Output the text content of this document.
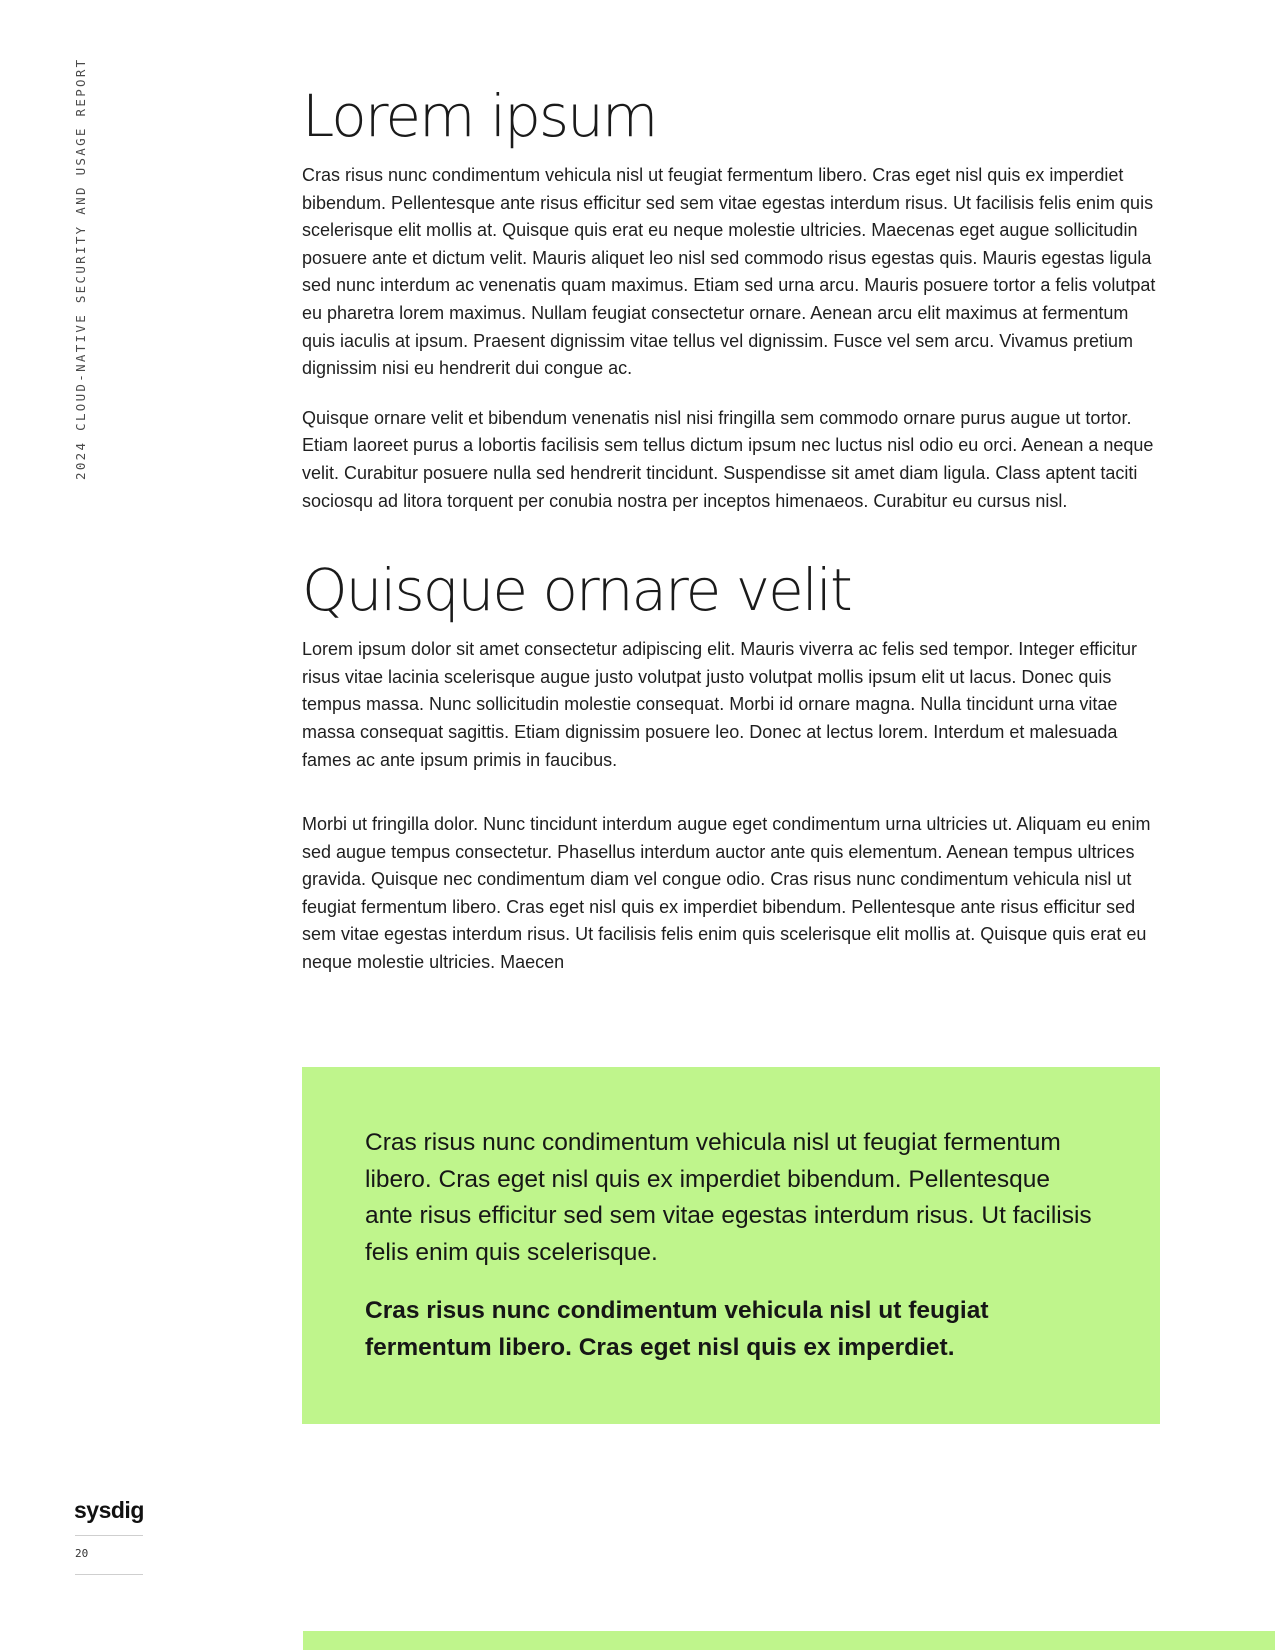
2024 CLOUD-NATIVE SECURITY AND USAGE REPORT	Lorem ipsum

Cras risus nunc condimentum vehicula nisl ut feugiat fermentum libero. Cras eget nisl quis ex imperdiet bibendum. Pellentesque ante risus efficitur sed sem vitae egestas interdum risus. Ut facilisis felis enim quis scelerisque elit mollis at. Quisque quis erat eu neque molestie ultricies. Maecenas eget augue sollicitudin posuere ante et dictum velit. Mauris aliquet leo nisl sed commodo risus egestas quis. Mauris egestas ligula sed nunc interdum ac venenatis quam maximus. Etiam sed urna arcu. Mauris posuere tortor a felis volutpat eu pharetra lorem maximus. Nullam feugiat consectetur ornare. Aenean arcu elit maximus at fermentum quis iaculis at ipsum. Praesent dignissim vitae tellus vel dignissim. Fusce vel sem arcu. Vivamus pretium dignissim nisi eu hendrerit dui congue ac.

Quisque ornare velit et bibendum venenatis nisl nisi fringilla sem commodo ornare purus augue ut tortor. Etiam laoreet purus a lobortis facilisis sem tellus dictum ipsum nec luctus nisl odio eu orci. Aenean a neque velit. Curabitur posuere nulla sed hendrerit tincidunt. Suspendisse sit amet diam ligula. Class aptent taciti sociosqu ad litora torquent per conubia nostra per inceptos himenaeos. Curabitur eu cursus nisl.

Quisque ornare velit

Lorem ipsum dolor sit amet consectetur adipiscing elit. Mauris viverra ac felis sed tempor. Integer efficitur risus vitae lacinia scelerisque augue justo volutpat justo volutpat mollis ipsum elit ut lacus. Donec quis tempus massa. Nunc sollicitudin molestie consequat. Morbi id ornare magna. Nulla tincidunt urna vitae massa consequat sagittis. Etiam dignissim posuere leo. Donec at lectus lorem. Interdum et malesuada fames ac ante ipsum primis in faucibus.

Morbi ut fringilla dolor. Nunc tincidunt interdum augue eget condimentum urna ultricies ut. Aliquam eu enim sed augue tempus consectetur. Phasellus interdum auctor ante quis elementum. Aenean tempus ultrices gravida. Quisque nec condimentum diam vel congue odio. Cras risus nunc condimentum vehicula nisl ut feugiat fermentum libero. Cras eget nisl quis ex imperdiet bibendum. Pellentesque ante risus efficitur sed sem vitae egestas interdum risus. Ut facilisis felis enim quis scelerisque elit mollis at. Quisque quis erat eu neque molestie ultricies. Maecen

Cras risus nunc condimentum vehicula nisl ut feugiat fermentum libero. Cras eget nisl quis ex imperdiet bibendum. Pellentesque ante risus efficitur sed sem vitae egestas interdum risus. Ut facilisis felis enim quis scelerisque.

Cras risus nunc condimentum vehicula nisl ut feugiat fermentum libero. Cras eget nisl quis ex imperdiet.

sysdig
20
